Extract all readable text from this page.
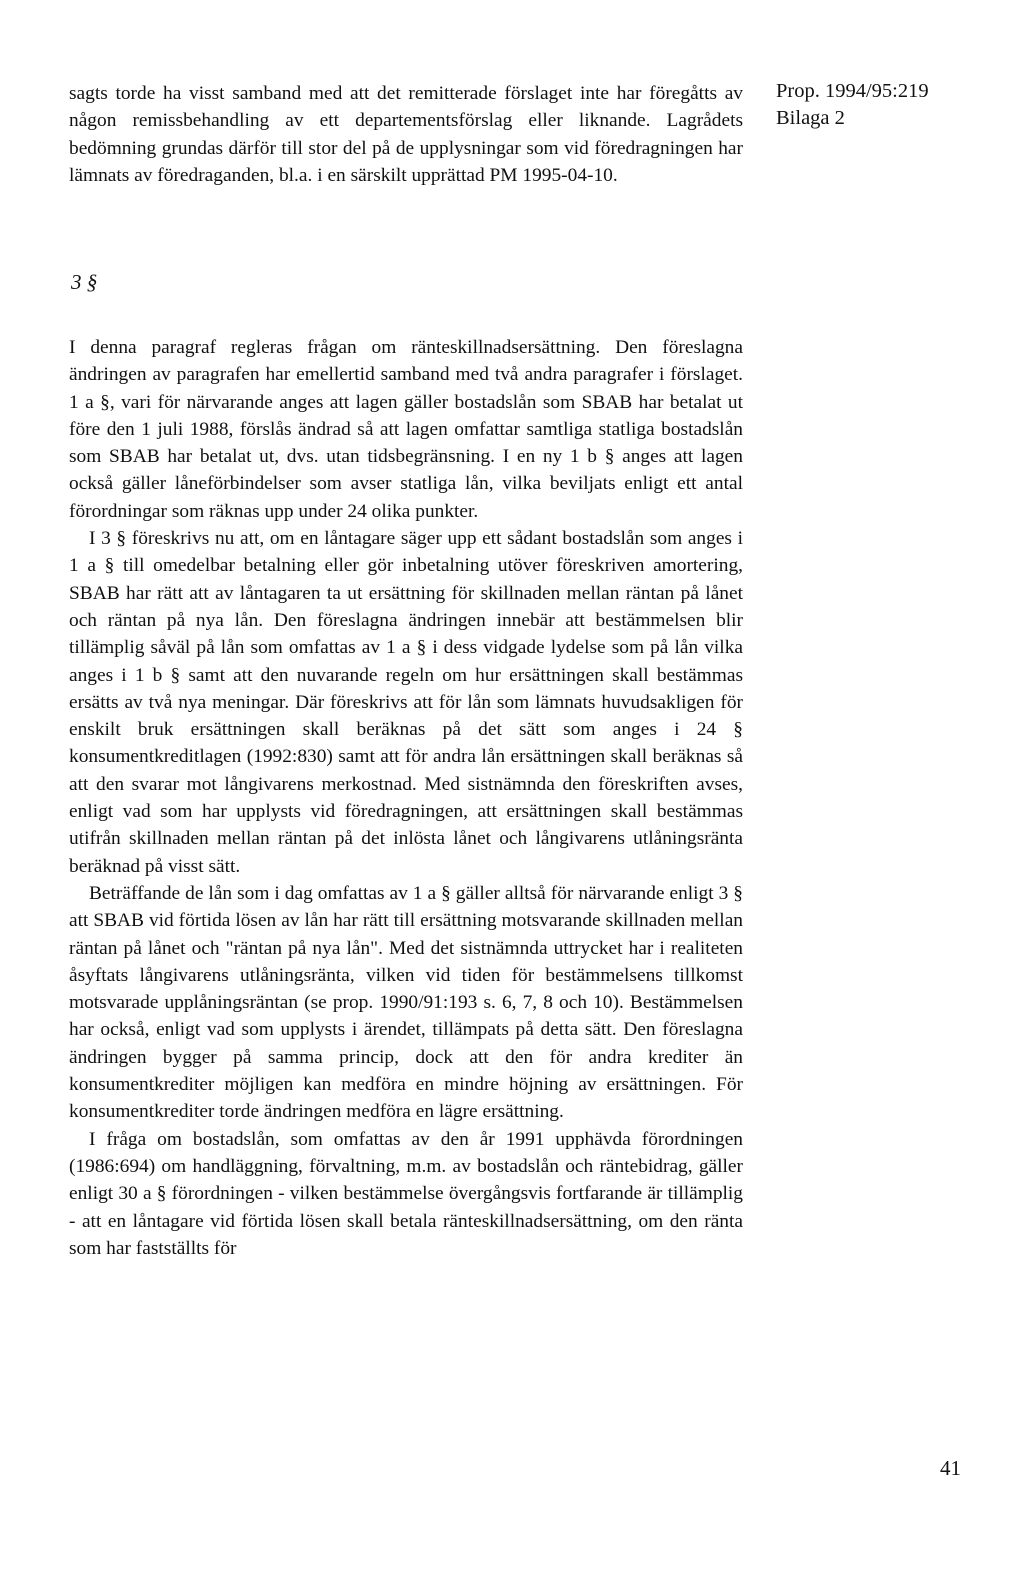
Prop. 1994/95:219
Bilaga 2

sagts torde ha visst samband med att det remitterade förslaget inte har föregåtts av någon remissbehandling av ett departementsförslag eller liknande. Lagrådets bedömning grundas därför till stor del på de upplysningar som vid föredragningen har lämnats av föredraganden, bl.a. i en särskilt upprättad PM 1995-04-10.

3 §

I denna paragraf regleras frågan om ränteskillnadsersättning. Den föreslagna ändringen av paragrafen har emellertid samband med två andra paragrafer i förslaget. 1 a §, vari för närvarande anges att lagen gäller bostadslån som SBAB har betalat ut före den 1 juli 1988, förslås ändrad så att lagen omfattar samtliga statliga bostadslån som SBAB har betalat ut, dvs. utan tidsbegränsning. I en ny 1 b § anges att lagen också gäller låneförbindelser som avser statliga lån, vilka beviljats enligt ett antal förordningar som räknas upp under 24 olika punkter.

I 3 § föreskrivs nu att, om en låntagare säger upp ett sådant bostadslån som anges i 1 a § till omedelbar betalning eller gör inbetalning utöver föreskriven amortering, SBAB har rätt att av låntagaren ta ut ersättning för skillnaden mellan räntan på lånet och räntan på nya lån. Den föreslagna ändringen innebär att bestämmelsen blir tillämplig såväl på lån som omfattas av 1 a § i dess vidgade lydelse som på lån vilka anges i 1 b § samt att den nuvarande regeln om hur ersättningen skall bestämmas ersätts av två nya meningar. Där föreskrivs att för lån som lämnats huvudsakligen för enskilt bruk ersättningen skall beräknas på det sätt som anges i 24 § konsumentkreditlagen (1992:830) samt att för andra lån ersättningen skall beräknas så att den svarar mot långivarens merkostnad. Med sistnämnda den föreskriften avses, enligt vad som har upplysts vid föredragningen, att ersättningen skall bestämmas utifrån skillnaden mellan räntan på det inlösta lånet och långivarens utlåningsränta beräknad på visst sätt.

Beträffande de lån som i dag omfattas av 1 a § gäller alltså för närvarande enligt 3 § att SBAB vid förtida lösen av lån har rätt till ersättning motsvarande skillnaden mellan räntan på lånet och "räntan på nya lån". Med det sistnämnda uttrycket har i realiteten åsyftats långivarens utlåningsränta, vilken vid tiden för bestämmelsens tillkomst motsvarade upplåningsräntan (se prop. 1990/91:193 s. 6, 7, 8 och 10). Bestämmelsen har också, enligt vad som upplysts i ärendet, tillämpats på detta sätt. Den föreslagna ändringen bygger på samma princip, dock att den för andra krediter än konsumentkrediter möjligen kan medföra en mindre höjning av ersättningen. För konsumentkrediter torde ändringen medföra en lägre ersättning.

I fråga om bostadslån, som omfattas av den år 1991 upphävda förordningen (1986:694) om handläggning, förvaltning, m.m. av bostadslån och räntebidrag, gäller enligt 30 a § förordningen - vilken bestämmelse övergångsvis fortfarande är tillämplig - att en låntagare vid förtida lösen skall betala ränteskillnadsersättning, om den ränta som har fastställts för

41
